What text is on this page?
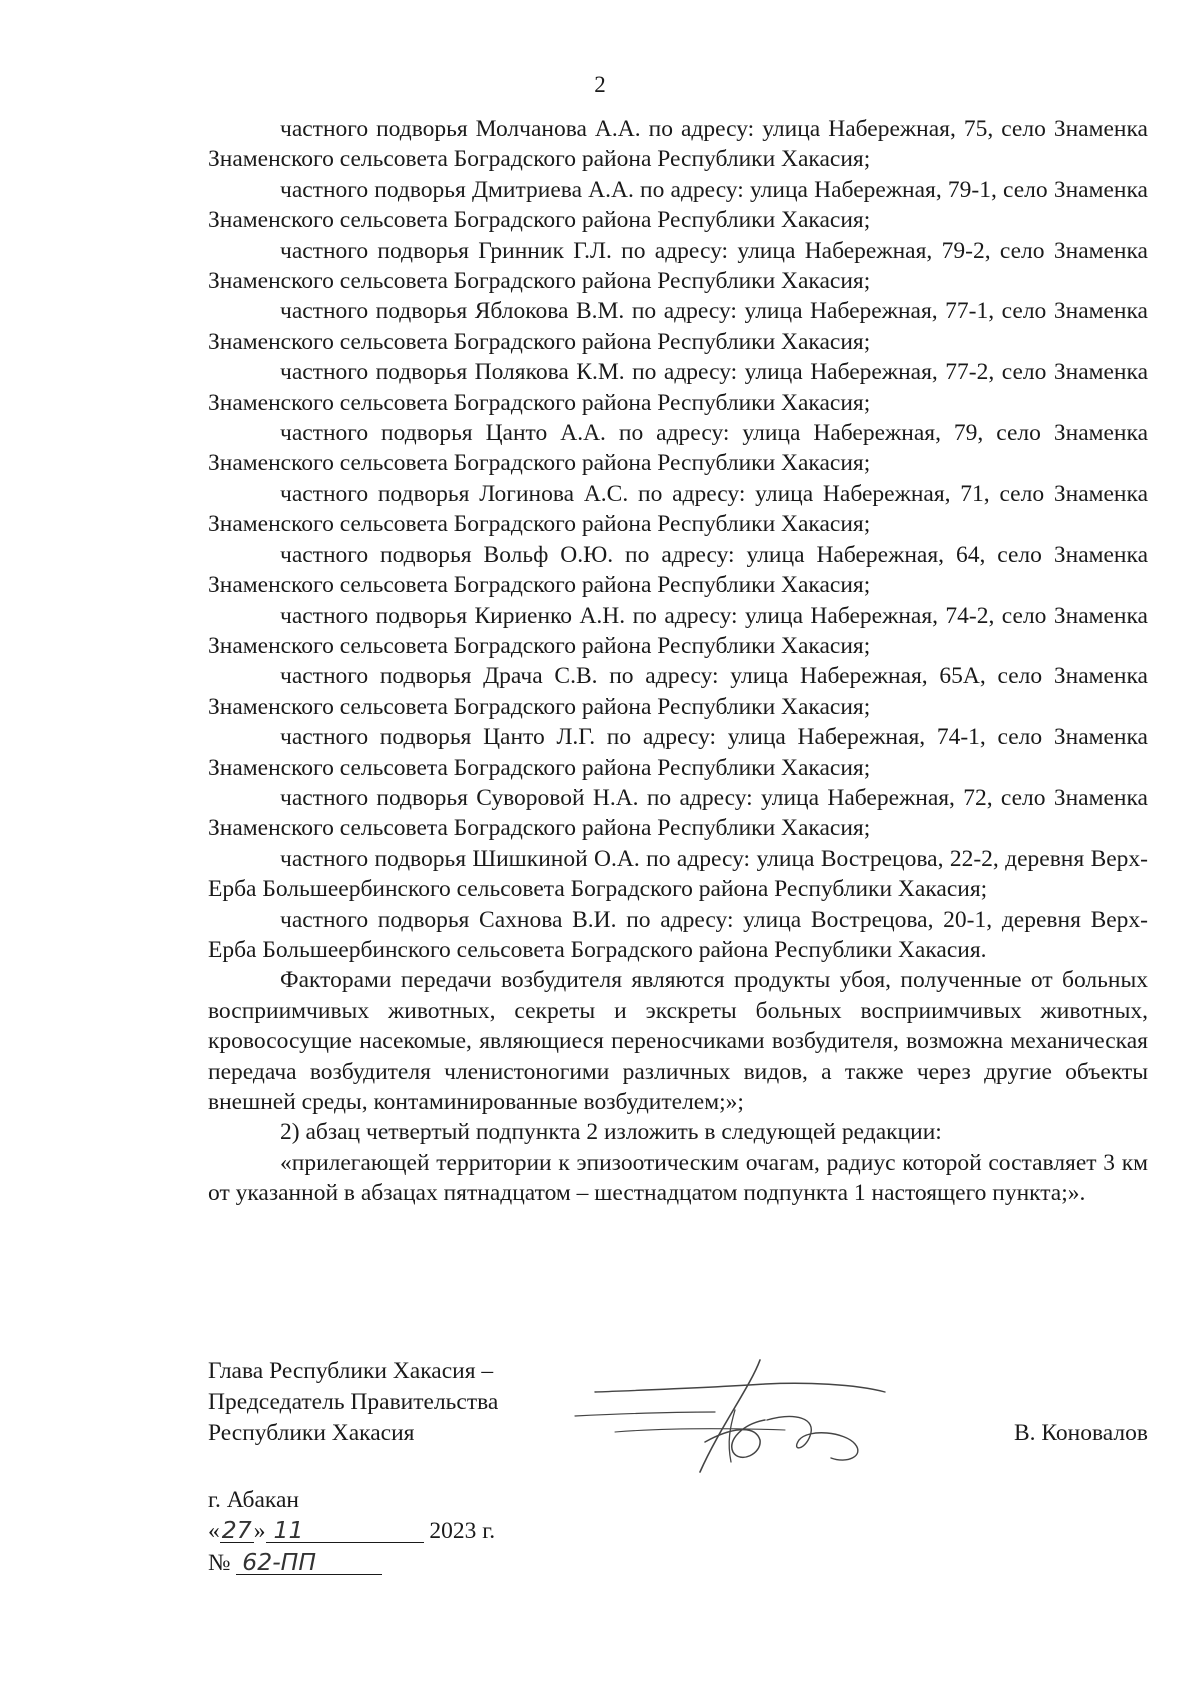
2

частного подворья Молчанова А.А. по адресу: улица Набережная, 75, село Знаменка Знаменского сельсовета Боградского района Республики Хакасия;

частного подворья Дмитриева А.А. по адресу: улица Набережная, 79-1, село Знаменка Знаменского сельсовета Боградского района Республики Хакасия;

частного подворья Гринник Г.Л. по адресу: улица Набережная, 79-2, село Знаменка Знаменского сельсовета Боградского района Республики Хакасия;

частного подворья Яблокова В.М. по адресу: улица Набережная, 77-1, село Знаменка Знаменского сельсовета Боградского района Республики Хакасия;

частного подворья Полякова К.М. по адресу: улица Набережная, 77-2, село Знаменка Знаменского сельсовета Боградского района Республики Хакасия;

частного подворья Цанто А.А. по адресу: улица Набережная, 79, село Знаменка Знаменского сельсовета Боградского района Республики Хакасия;

частного подворья Логинова А.С. по адресу: улица Набережная, 71, село Знаменка Знаменского сельсовета Боградского района Республики Хакасия;

частного подворья Вольф О.Ю. по адресу: улица Набережная, 64, село Знаменка Знаменского сельсовета Боградского района Республики Хакасия;

частного подворья Кириенко А.Н. по адресу: улица Набережная, 74-2, село Знаменка Знаменского сельсовета Боградского района Республики Хакасия;

частного подворья Драча С.В. по адресу: улица Набережная, 65А, село Знаменка Знаменского сельсовета Боградского района Республики Хакасия;

частного подворья Цанто Л.Г. по адресу: улица Набережная, 74-1, село Знаменка Знаменского сельсовета Боградского района Республики Хакасия;

частного подворья Суворовой Н.А. по адресу: улица Набережная, 72, село Знаменка Знаменского сельсовета Боградского района Республики Хакасия;

частного подворья Шишкиной О.А. по адресу: улица Вострецова, 22-2, деревня Верх-Ерба Большеербинского сельсовета Боградского района Республики Хакасия;

частного подворья Сахнова В.И. по адресу: улица Вострецова, 20-1, деревня Верх-Ерба Большеербинского сельсовета Боградского района Республики Хакасия.

Факторами передачи возбудителя являются продукты убоя, полученные от больных восприимчивых животных, секреты и экскреты больных восприимчивых животных, кровососущие насекомые, являющиеся переносчиками возбудителя, возможна механическая передача возбудителя членистоногими различных видов, а также через другие объекты внешней среды, контаминированные возбудителем;»;

2) абзац четвертый подпункта 2 изложить в следующей редакции:

«прилегающей территории к эпизоотическим очагам, радиус которой составляет 3 км от указанной в абзацах пятнадцатом – шестнадцатом подпункта 1 настоящего пункта;».

Глава Республики Хакасия –
Председатель Правительства
Республики Хакасия	В. Коновалов
г. Абакан
«27» 11	2023 г.
№ 62-ПП
